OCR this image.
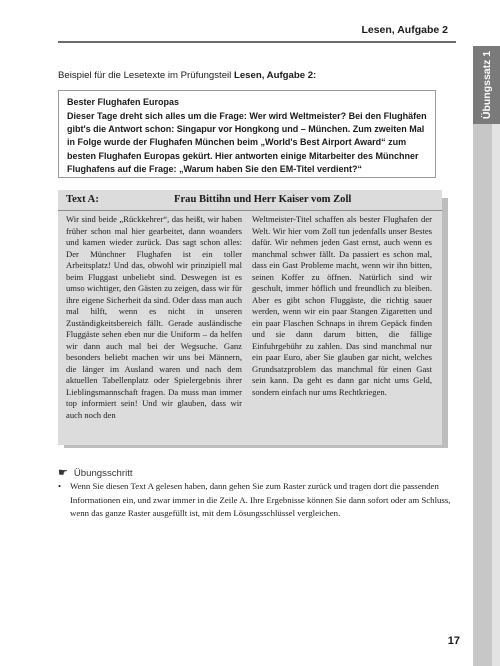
Lesen, Aufgabe 2
Übungssatz 1
Beispiel für die Lesetexte im Prüfungsteil Lesen, Aufgabe 2:
Bester Flughafen Europas
Dieser Tage dreht sich alles um die Frage: Wer wird Weltmeister? Bei den Flughäfen gibt's die Antwort schon: Singapur vor Hongkong und – München. Zum zweiten Mal in Folge wurde der Flughafen München beim „World's Best Airport Award“ zum besten Flughafen Europas gekürt. Hier antworten einige Mitarbeiter des Münchner Flughafens auf die Frage: „Warum haben Sie den EM-Titel verdient?“
Text A:	Frau Bittihn und Herr Kaiser vom Zoll

Wir sind beide „Rückkehrer“, das heißt, wir haben früher schon mal hier gearbeitet, dann woanders und kamen wieder zurück. Das sagt schon alles: Der Münchner Flughafen ist ein toller Arbeitsplatz! Und das, obwohl wir prinzipiell mal beim Fluggast unbeliebt sind. Deswegen ist es umso wichtiger, den Gästen zu zeigen, dass wir für ihre eigene Sicherheit da sind. Oder dass man auch mal hilft, wenn es nicht in unseren Zuständigkeitsbereich fällt. Gerade ausländische Fluggäste sehen eben nur die Uniform – da helfen wir dann auch mal bei der Wegsuche. Ganz besonders beliebt machen wir uns bei Männern, die länger im Ausland waren und nach dem aktuellen Tabellenplatz oder Spielergebnis ihrer Lieblingsmannschaft fragen. Da muss man immer top informiert sein! Und wir glauben, dass wir auch noch den

Weltmeister-Titel schaffen als bester Flughafen der Welt. Wir hier vom Zoll tun jedenfalls unser Bestes dafür. Wir nehmen jeden Gast ernst, auch wenn es manchmal schwer fällt. Da passiert es schon mal, dass ein Gast Probleme macht, wenn wir ihn bitten, seinen Koffer zu öffnen. Natürlich sind wir geschult, immer höflich und freundlich zu bleiben. Aber es gibt schon Fluggäste, die richtig sauer werden, wenn wir ein paar Stangen Zigaretten und ein paar Flaschen Schnaps in ihrem Gepäck finden und sie dann darum bitten, die fällige Einfuhrgebühr zu zahlen. Das sind manchmal nur ein paar Euro, aber Sie glauben gar nicht, welches Grundsatzproblem das manchmal für einen Gast sein kann. Da geht es dann gar nicht ums Geld, sondern einfach nur ums Rechtkriegen.

☛ Übungsschritt
• Wenn Sie diesen Text A gelesen haben, dann gehen Sie zum Raster zurück und tragen dort die passenden Informationen ein, und zwar immer in die Zeile A. Ihre Ergebnisse können Sie dann sofort oder am Schluss, wenn das ganze Raster ausgefüllt ist, mit dem Lösungsschlüssel vergleichen.
17
